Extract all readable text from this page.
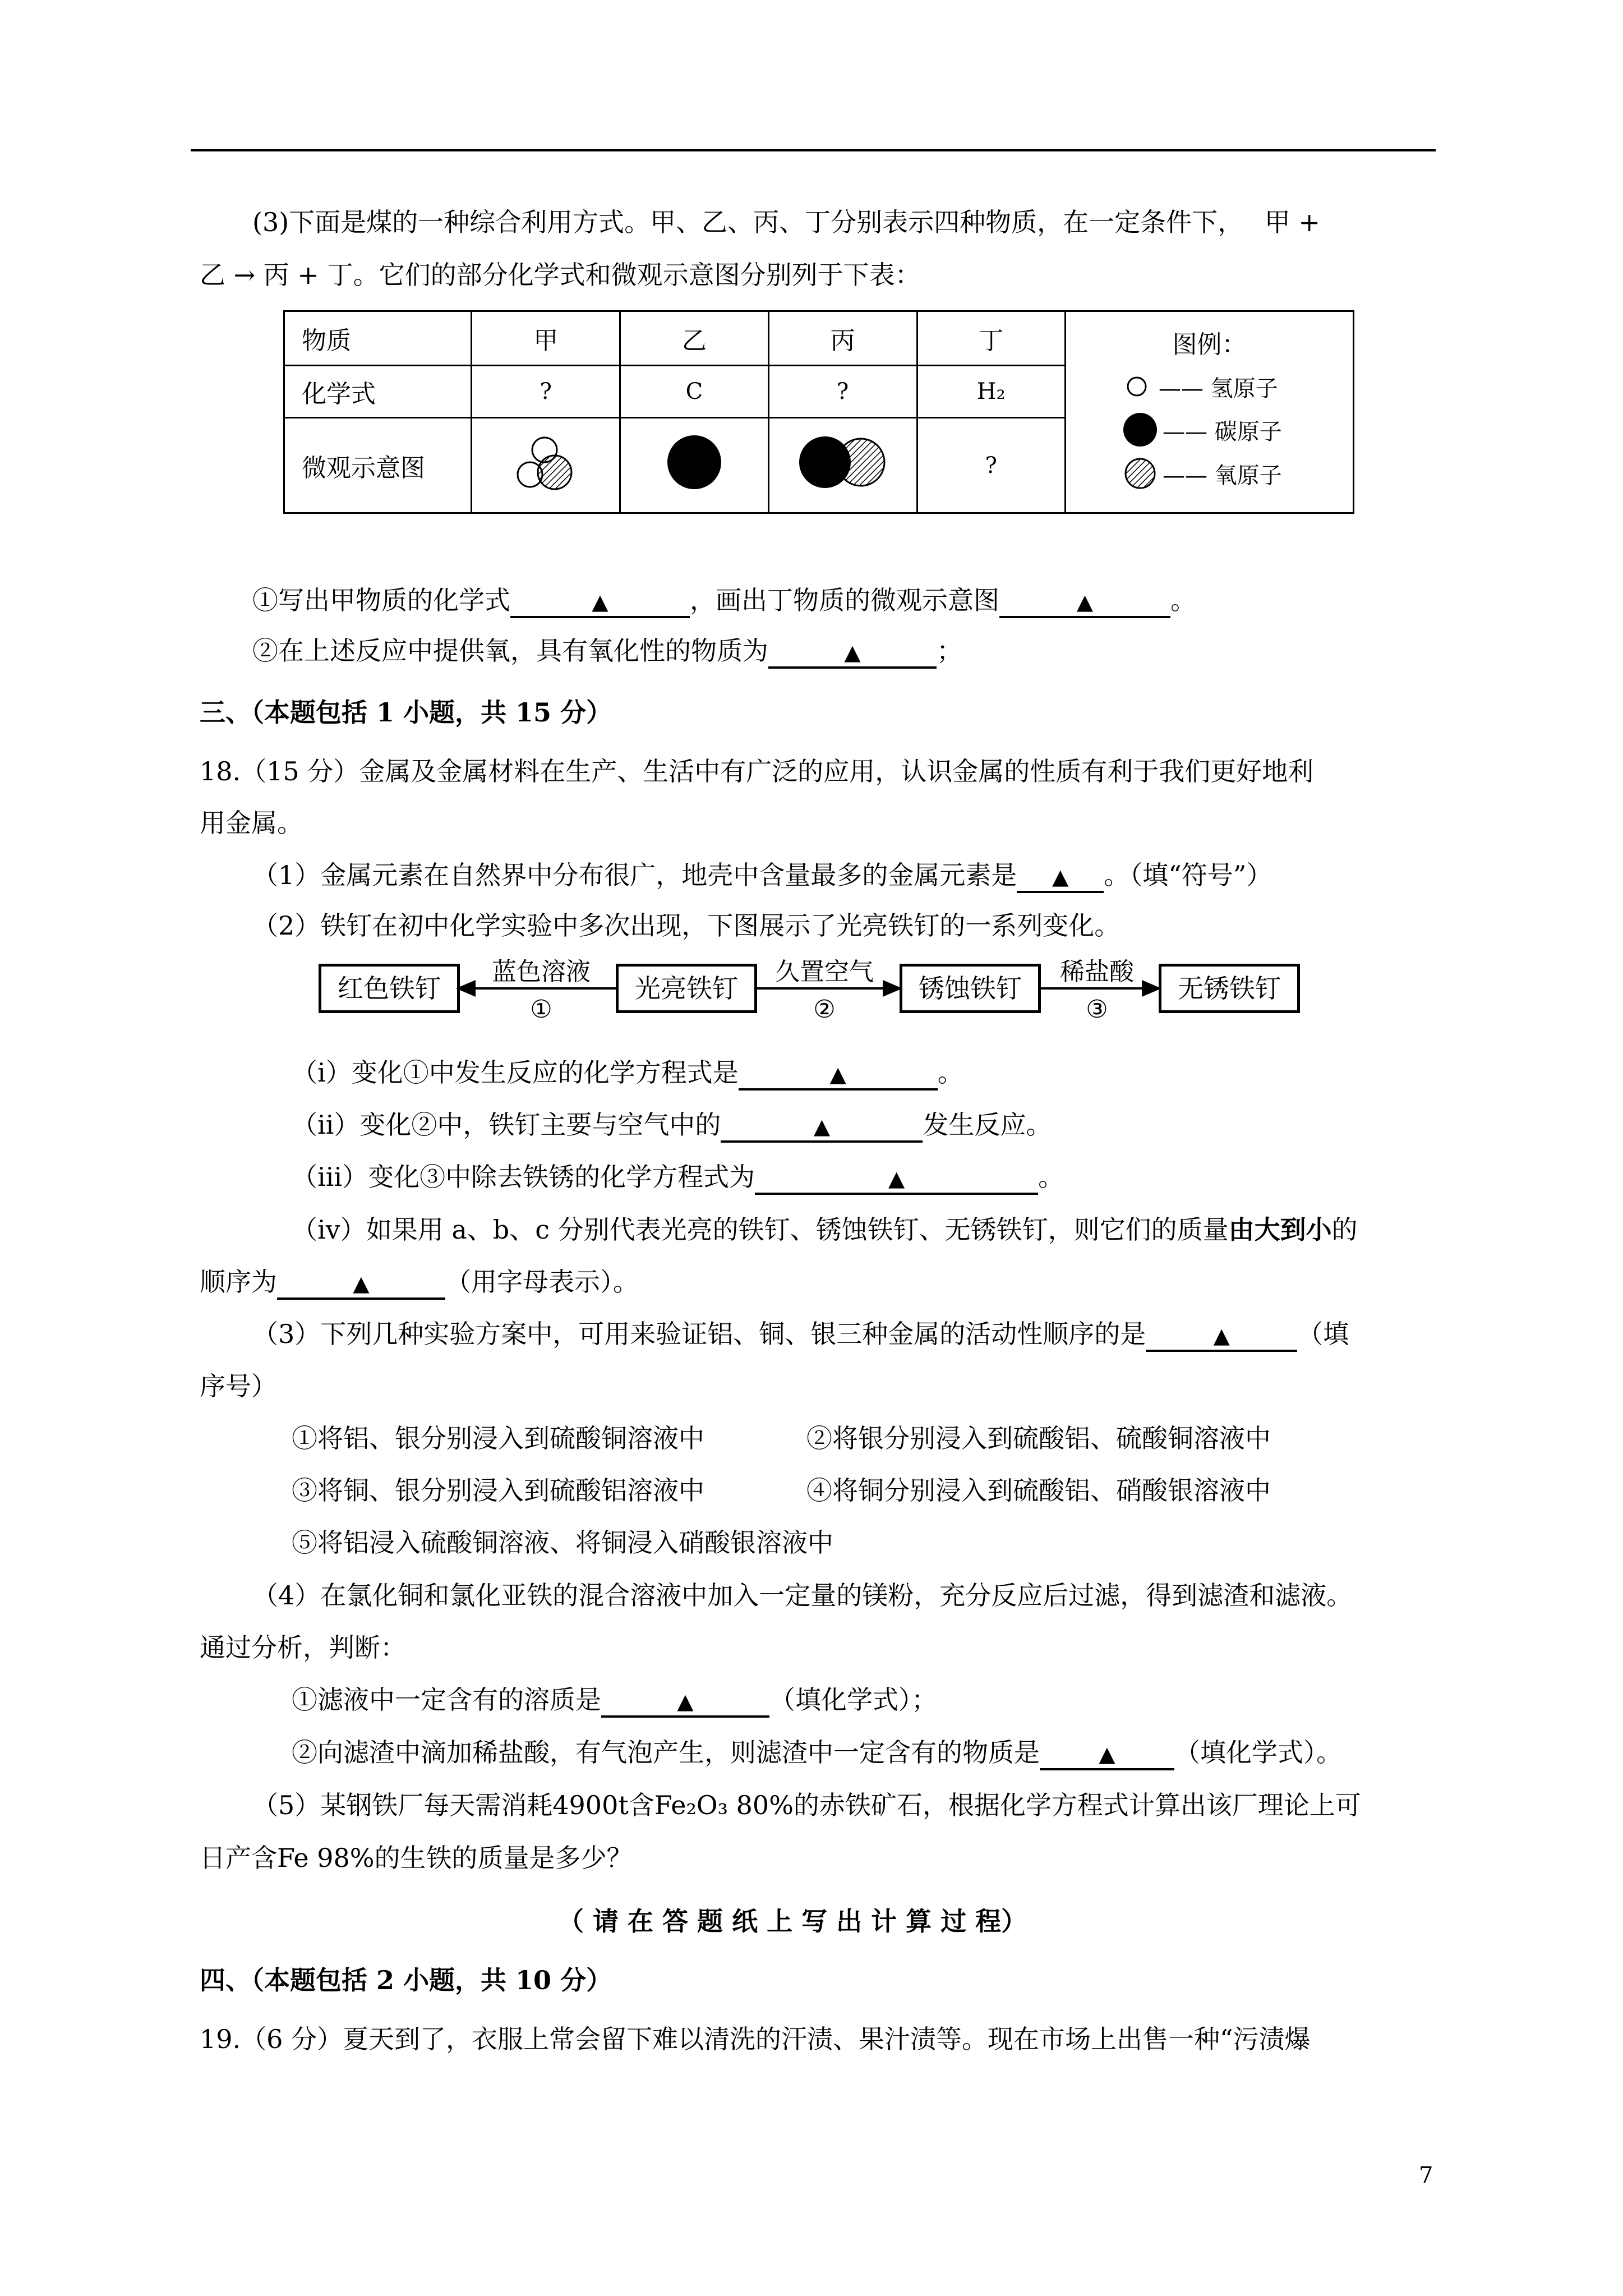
(3)下面是煤的一种综合利用方式。甲、乙、丙、丁分别表示四种物质，在一定条件下，　 甲 +
乙 → 丙 + 丁。它们的部分化学式和微观示意图分别列于下表：
物质	甲	乙	丙	丁	图例：
—— 氢原子
—— 碳原子
—— 氧原子

化学式	?	C	?	H₂	
微观示意图				?	
①写出甲物质的化学式	▲	，画出丁物质的微观示意图	▲	。
②在上述反应中提供氧，具有氧化性的物质为	▲	；
三、（本题包括 1 小题，共 15 分）
18.（15 分）金属及金属材料在生产、生活中有广泛的应用，认识金属的性质有利于我们更好地利
用金属。
（1）金属元素在自然界中分布很广，地壳中含量最多的金属元素是 ▲ 。（填“符号”）
（2）铁钉在初中化学实验中多次出现，下图展示了光亮铁钉的一系列变化。
红色铁钉	光亮铁钉	锈蚀铁钉	无锈铁钉
蓝色溶液
①
久置空气
②
稀盐酸
③
（ⅰ）变化①中发生反应的化学方程式是	▲	。
（ⅱ）变化②中，铁钉主要与空气中的	▲	发生反应。
（ⅲ）变化③中除去铁锈的化学方程式为	▲	。
（ⅳ）如果用 a、b、c 分别代表光亮的铁钉、锈蚀铁钉、无锈铁钉，则它们的质量由大到小的
顺序为	▲	（用字母表示）。
（3）下列几种实验方案中，可用来验证铝、铜、银三种金属的活动性顺序的是	▲	（填
序号）
①将铝、银分别浸入到硫酸铜溶液中	②将银分别浸入到硫酸铝、硫酸铜溶液中
③将铜、银分别浸入到硫酸铝溶液中	④将铜分别浸入到硫酸铝、硝酸银溶液中
⑤将铝浸入硫酸铜溶液、将铜浸入硝酸银溶液中
（4）在氯化铜和氯化亚铁的混合溶液中加入一定量的镁粉，充分反应后过滤，得到滤渣和滤液。
通过分析，判断：
①滤液中一定含有的溶质是	▲	（填化学式）；
②向滤渣中滴加稀盐酸，有气泡产生，则滤渣中一定含有的物质是	▲ （填化学式）。
（5）某钢铁厂每天需消耗4900t含Fe₂O₃ 80%的赤铁矿石，根据化学方程式计算出该厂理论上可
日产含Fe 98%的生铁的质量是多少？
（ 请 在 答 题 纸 上 写 出 计 算 过 程）
四、（本题包括 2 小题，共 10 分）
19.（6 分）夏天到了，衣服上常会留下难以清洗的汗渍、果汁渍等。现在市场上出售一种“污渍爆
7
